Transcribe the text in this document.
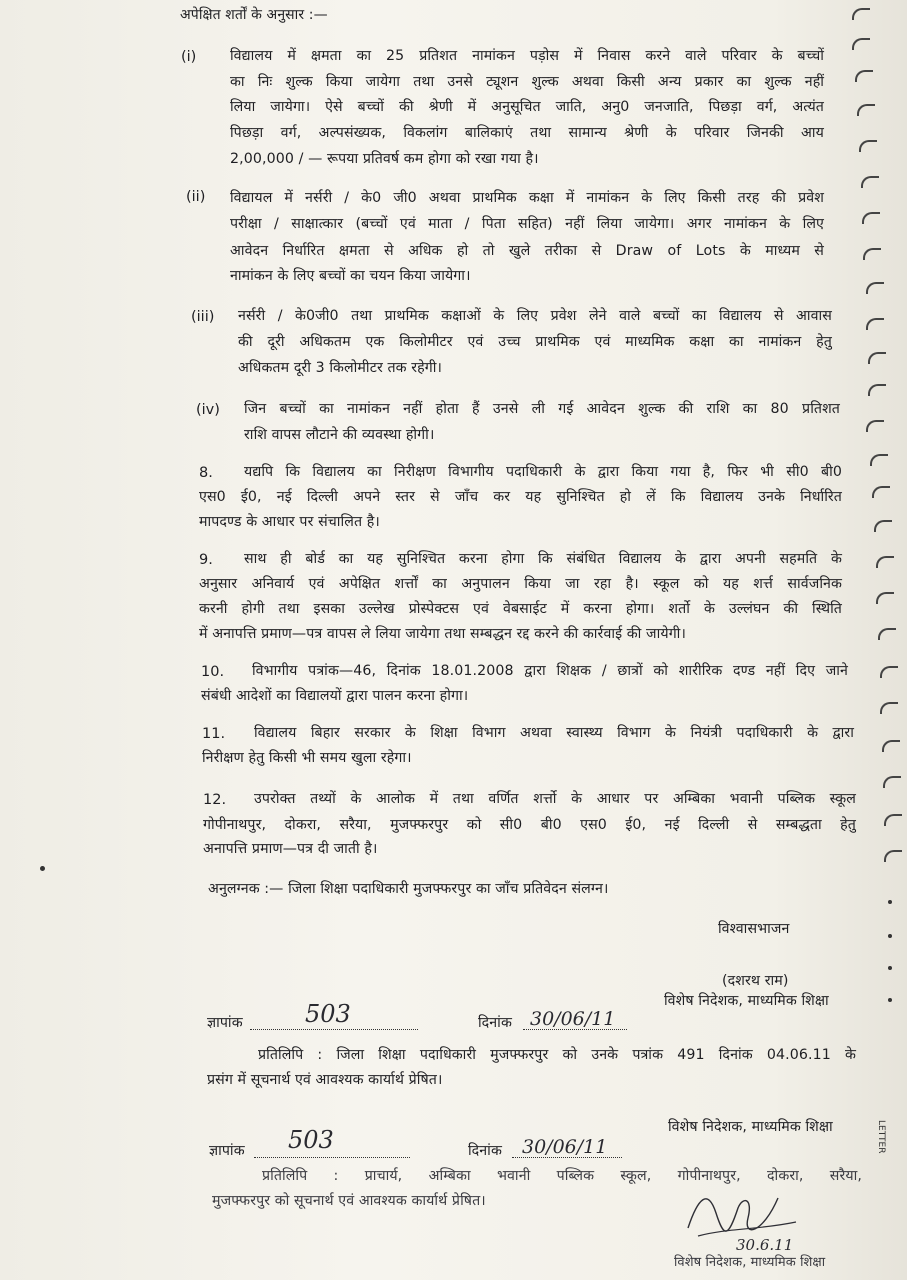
अपेक्षित शर्तों के अनुसार :—
(i) विद्यालय में क्षमता का 25 प्रतिशत नामांकन पड़ोस में निवास करने वाले परिवार के बच्चों
का निः शुल्क किया जायेगा तथा उनसे ट्यूशन शुल्क अथवा किसी अन्य प्रकार का शुल्क नहीं
लिया जायेगा। ऐसे बच्चों की श्रेणी में अनुसूचित जाति, अनु0 जनजाति, पिछड़ा वर्ग, अत्यंत
पिछड़ा वर्ग, अल्पसंख्यक, विकलांग बालिकाएं तथा सामान्य श्रेणी के परिवार जिनकी आय
2,00,000 / — रूपया प्रतिवर्ष कम होगा को रखा गया है।
(ii) विद्यायल में नर्सरी / के0 जी0 अथवा प्राथमिक कक्षा में नामांकन के लिए किसी तरह की प्रवेश
परीक्षा / साक्षात्कार (बच्चों एवं माता / पिता सहित) नहीं लिया जायेगा। अगर नामांकन के लिए
आवेदन निर्धारित क्षमता से अधिक हो तो खुले तरीका से Draw of Lots के माध्यम से
नामांकन के लिए बच्चों का चयन किया जायेगा।
(iii) नर्सरी / के0जी0 तथा प्राथमिक कक्षाओं के लिए प्रवेश लेने वाले बच्चों का विद्यालय से आवास
की दूरी अधिकतम एक किलोमीटर एवं उच्च प्राथमिक एवं माध्यमिक कक्षा का नामांकन हेतु
अधिकतम दूरी 3 किलोमीटर तक रहेगी।
(iv) जिन बच्चों का नामांकन नहीं होता हैं उनसे ली गई आवेदन शुल्क की राशि का 80 प्रतिशत
राशि वापस लौटाने की व्यवस्था होगी।
8. यद्यपि कि विद्यालय का निरीक्षण विभागीय पदाधिकारी के द्वारा किया गया है, फिर भी सी0 बी0
एस0 ई0, नई दिल्ली अपने स्तर से जाँच कर यह सुनिश्चित हो लें कि विद्यालय उनके निर्धारित
मापदण्ड के आधार पर संचालित है।
9. साथ ही बोर्ड का यह सुनिश्चित करना होगा कि संबंधित विद्यालय के द्वारा अपनी सहमति के
अनुसार अनिवार्य एवं अपेक्षित शर्त्तों का अनुपालन किया जा रहा है। स्कूल को यह शर्त्त सार्वजनिक
करनी होगी तथा इसका उल्लेख प्रोस्पेक्टस एवं वेबसाईट में करना होगा। शर्तो के उल्लंघन की स्थिति
में अनापत्ति प्रमाण—पत्र वापस ले लिया जायेगा तथा सम्बद्धन रद्द करने की कार्रवाई की जायेगी।
10. विभागीय पत्रांक—46, दिनांक 18.01.2008 द्वारा शिक्षक / छात्रों को शारीरिक दण्ड नहीं दिए जाने
संबंधी आदेशों का विद्यालयों द्वारा पालन करना होगा।
11. विद्यालय बिहार सरकार के शिक्षा विभाग अथवा स्वास्थ्य विभाग के नियंत्री पदाधिकारी के द्वारा
निरीक्षण हेतु किसी भी समय खुला रहेगा।
12. उपरोक्त तथ्यों के आलोक में तथा वर्णित शर्त्तो के आधार पर अम्बिका भवानी पब्लिक स्कूल
गोपीनाथपुर, दोकरा, सरैया, मुजफ्फरपुर को सी0 बी0 एस0 ई0, नई दिल्ली से सम्बद्धता हेतु
अनापत्ति प्रमाण—पत्र दी जाती है।
अनुलग्नक :— जिला शिक्षा पदाधिकारी मुजफ्फरपुर का जाँच प्रतिवेदन संलग्न।
विश्वासभाजन
(दशरथ राम)
विशेष निदेशक, माध्यमिक शिक्षा
ज्ञापांक	503	दिनांक 30/06/11
प्रतिलिपि : जिला शिक्षा पदाधिकारी मुजफ्फरपुर को उनके पत्रांक 491 दिनांक 04.06.11 के
प्रसंग में सूचनार्थ एवं आवश्यक कार्यार्थ प्रेषित।
विशेष निदेशक, माध्यमिक शिक्षा
ज्ञापांक 503	दिनांक 30/06/11
प्रतिलिपि : प्राचार्य, अम्बिका भवानी पब्लिक स्कूल, गोपीनाथपुर, दोकरा, सरैया,
मुजफ्फरपुर को सूचनार्थ एवं आवश्यक कार्यार्थ प्रेषित।
30.6.11
विशेष निदेशक, माध्यमिक शिक्षा
LETTER
